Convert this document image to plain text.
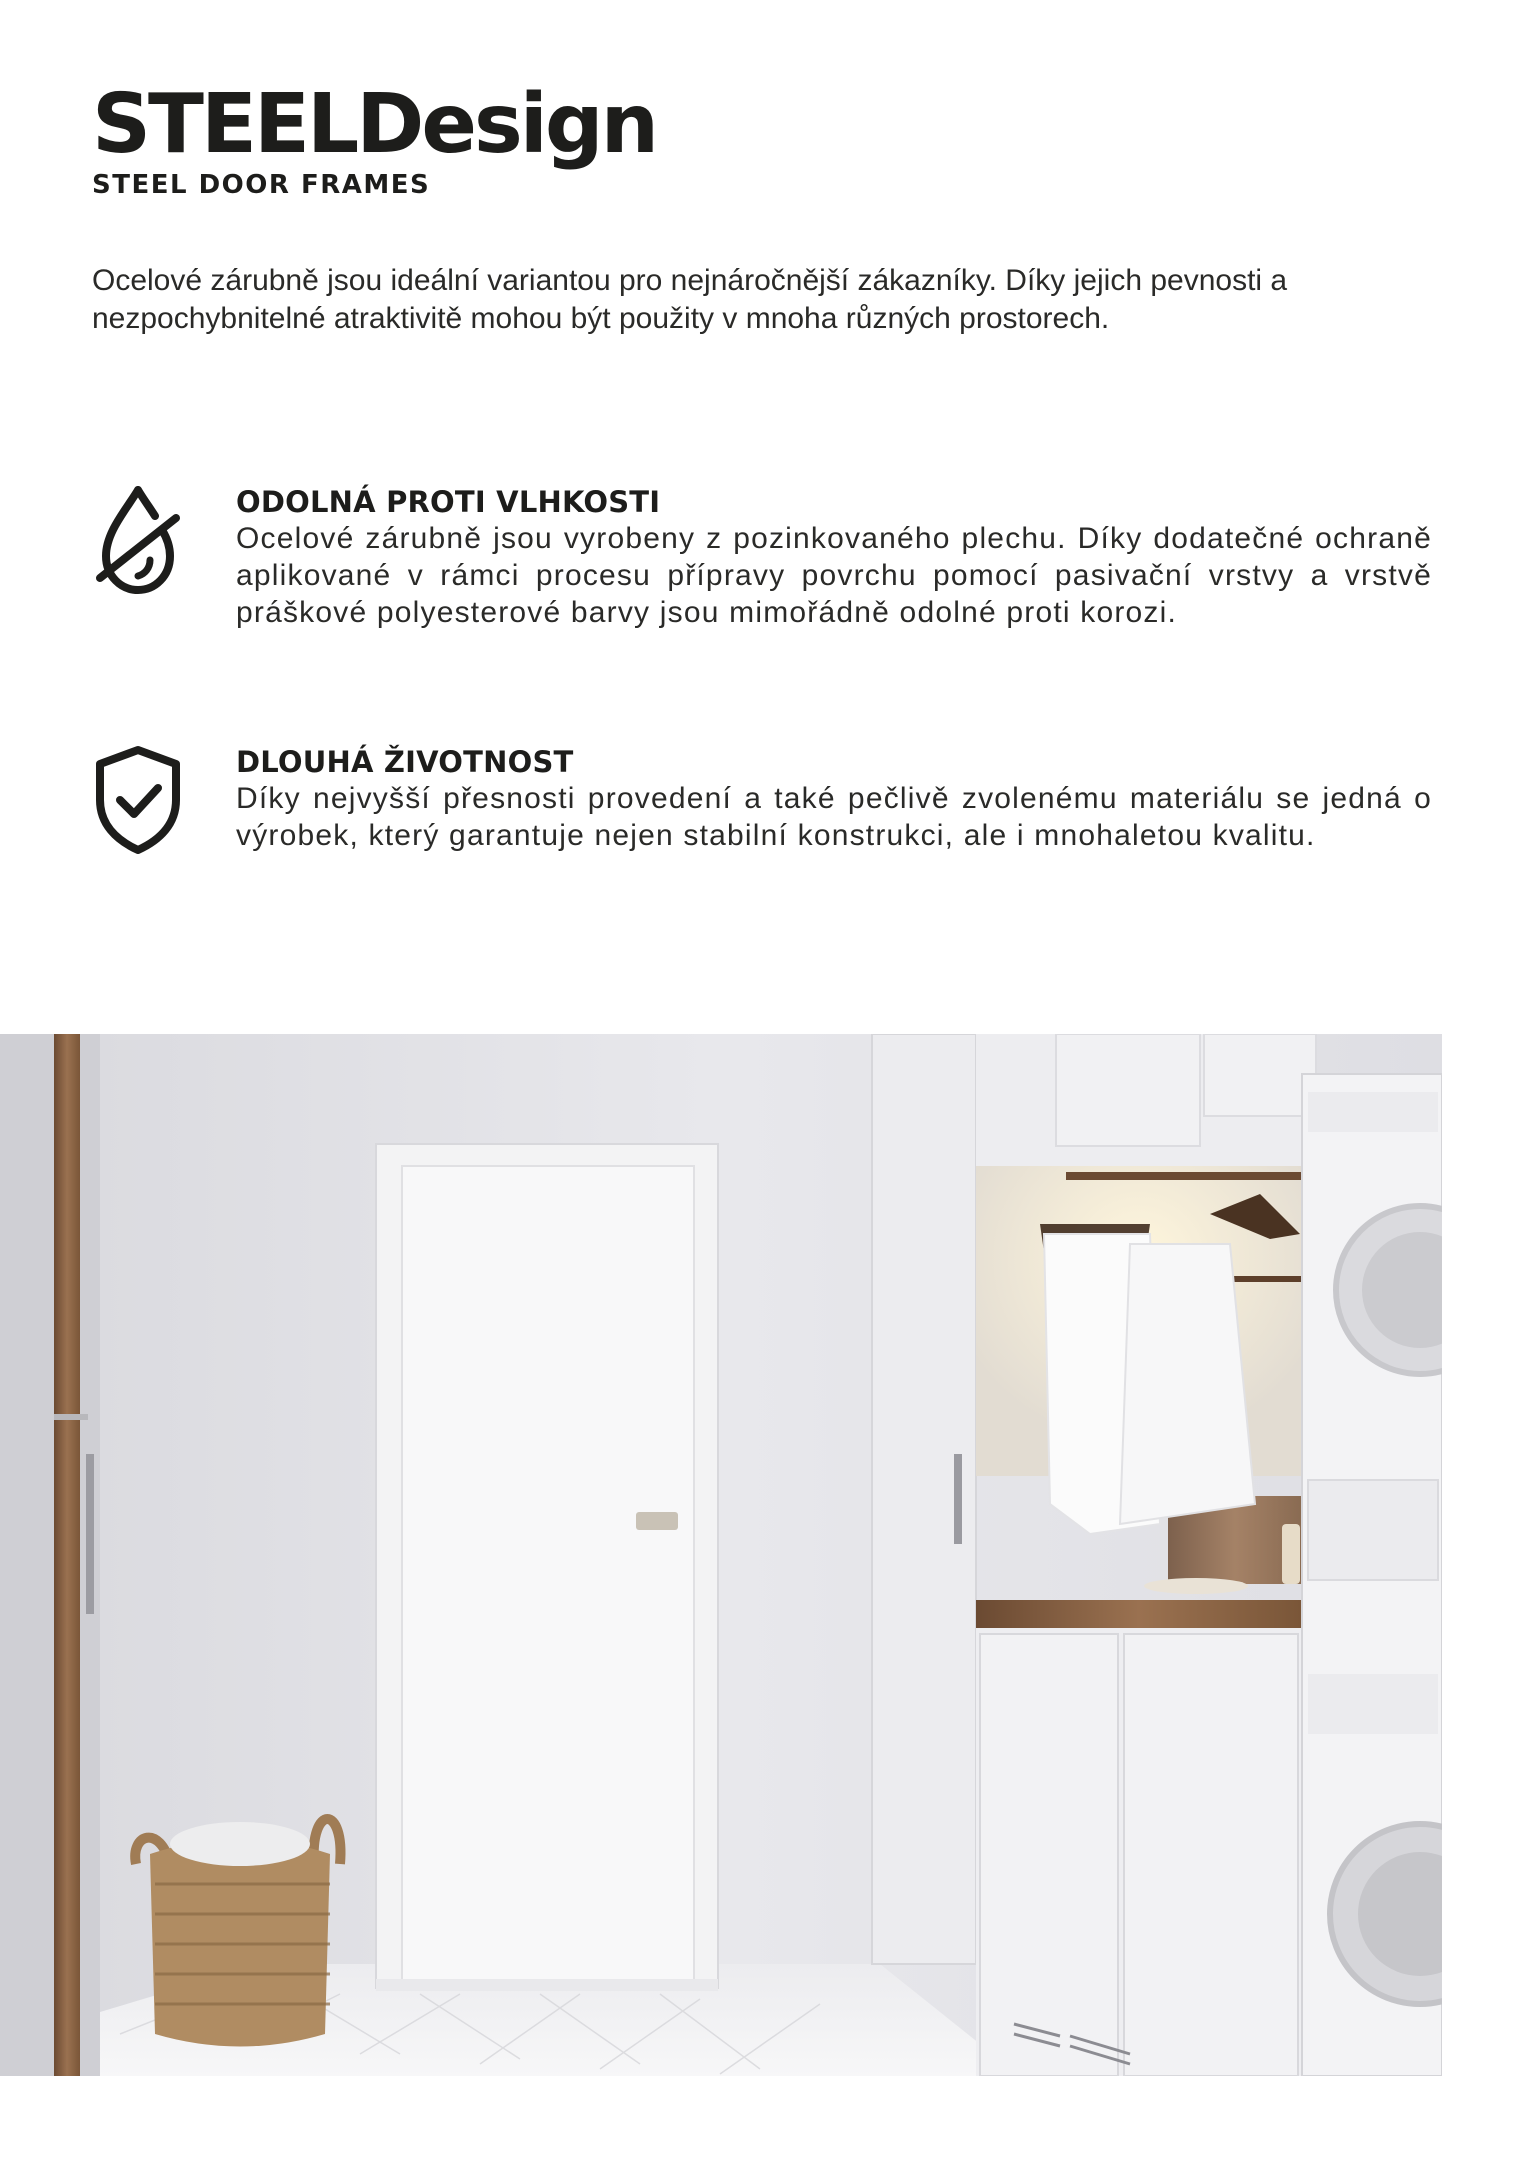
STEELDesign
STEEL DOOR FRAMES
Ocelové zárubně jsou ideální variantou pro nejnáročnější zákazníky. Díky jejich pevnosti a nezpochybnitelné atraktivitě mohou být použity v mnoha různých prostorech.
ODOLNÁ PROTI VLHKOSTI

Ocelové zárubně jsou vyrobeny z pozinkovaného plechu. Díky dodatečné ochraně aplikované v rámci procesu přípravy povrchu pomocí pasivační vrstvy a vrstvě práškové polyesterové barvy jsou mimořádně odolné proti korozi.

DLOUHÁ ŽIVOTNOST

Díky nejvyšší přesnosti provedení a také pečlivě zvolenému materiálu se jedná o výrobek, který garantuje nejen stabilní konstrukci, ale i mnohaletou kvalitu.
